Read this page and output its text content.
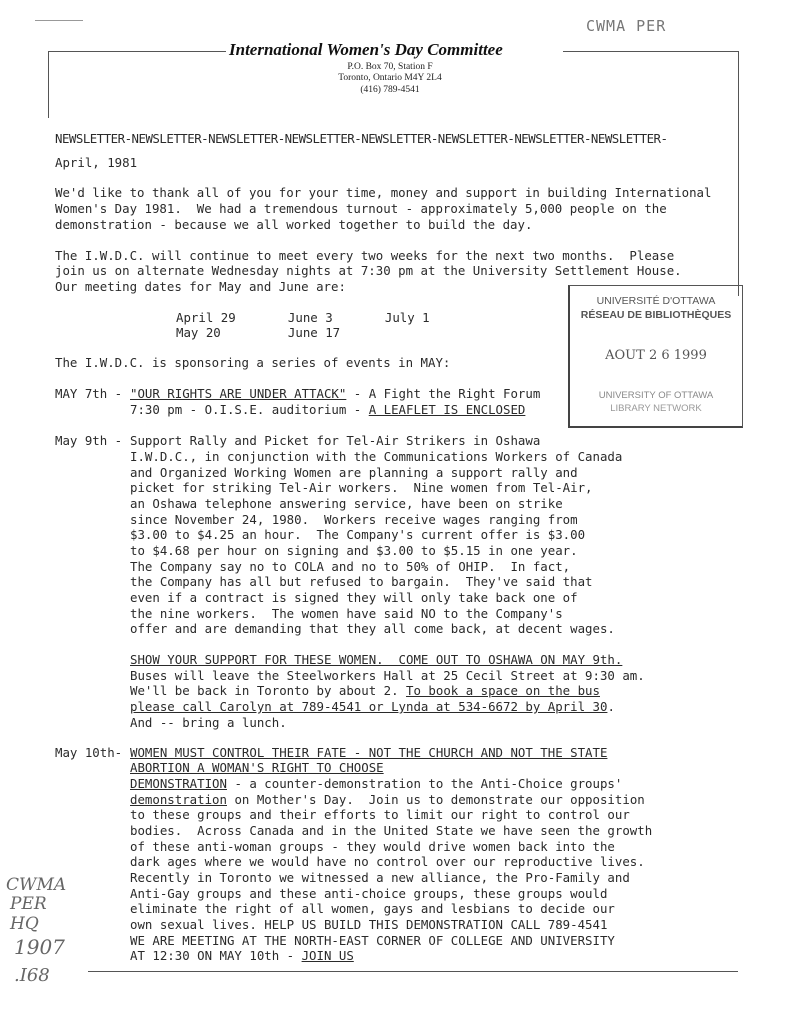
CWMA PER
International Women's Day Committee
P.O. Box 70, Station F
Toronto, Ontario M4Y 2L4
(416) 789-4541
NEWSLETTER-NEWSLETTER-NEWSLETTER-NEWSLETTER-NEWSLETTER-NEWSLETTER-NEWSLETTER-NEWSLETTER-
April, 1981
We'd like to thank all of you for your time, money and support in building International
Women's Day 1981.  We had a tremendous turnout - approximately 5,000 people on the
demonstration - because we all worked together to build the day.
The I.W.D.C. will continue to meet every two weeks for the next two months.  Please
join us on alternate Wednesday nights at 7:30 pm at the University Settlement House.
Our meeting dates for May and June are:
April 29       June 3       July 1
May 20         June 17
UNIVERSITÉ D'OTTAWA
RÉSEAU DE BIBLIOTHÈQUES
AOUT 2 6 1999
UNIVERSITY OF OTTAWA
LIBRARY NETWORK
The I.W.D.C. is sponsoring a series of events in MAY:
MAY 7th - "OUR RIGHTS ARE UNDER ATTACK" - A Fight the Right Forum
7:30 pm - O.I.S.E. auditorium - A LEAFLET IS ENCLOSED
May 9th - Support Rally and Picket for Tel-Air Strikers in Oshawa
I.W.D.C., in conjunction with the Communications Workers of Canada
and Organized Working Women are planning a support rally and
picket for striking Tel-Air workers.  Nine women from Tel-Air,
an Oshawa telephone answering service, have been on strike
since November 24, 1980.  Workers receive wages ranging from
$3.00 to $4.25 an hour.  The Company's current offer is $3.00
to $4.68 per hour on signing and $3.00 to $5.15 in one year.
The Company say no to COLA and no to 50% of OHIP.  In fact,
the Company has all but refused to bargain.  They've said that
even if a contract is signed they will only take back one of
the nine workers.  The women have said NO to the Company's
offer and are demanding that they all come back, at decent wages.
SHOW YOUR SUPPORT FOR THESE WOMEN.  COME OUT TO OSHAWA ON MAY 9th.
Buses will leave the Steelworkers Hall at 25 Cecil Street at 9:30 am.
We'll be back in Toronto by about 2. To book a space on the bus
please call Carolyn at 789-4541 or Lynda at 534-6672 by April 30.
And -- bring a lunch.
May 10th- WOMEN MUST CONTROL THEIR FATE - NOT THE CHURCH AND NOT THE STATE
ABORTION A WOMAN'S RIGHT TO CHOOSE
DEMONSTRATION - a counter-demonstration to the Anti-Choice groups'
demonstration on Mother's Day.  Join us to demonstrate our opposition
to these groups and their efforts to limit our right to control our
bodies.  Across Canada and in the United State we have seen the growth
of these anti-woman groups - they would drive women back into the
dark ages where we would have no control over our reproductive lives.
Recently in Toronto we witnessed a new alliance, the Pro-Family and
Anti-Gay groups and these anti-choice groups, these groups would
eliminate the right of all women, gays and lesbians to decide our
own sexual lives. HELP US BUILD THIS DEMONSTRATION CALL 789-4541
WE ARE MEETING AT THE NORTH-EAST CORNER OF COLLEGE AND UNIVERSITY
AT 12:30 ON MAY 10th - JOIN US
CWMA
PER
HQ
1907
.I68
